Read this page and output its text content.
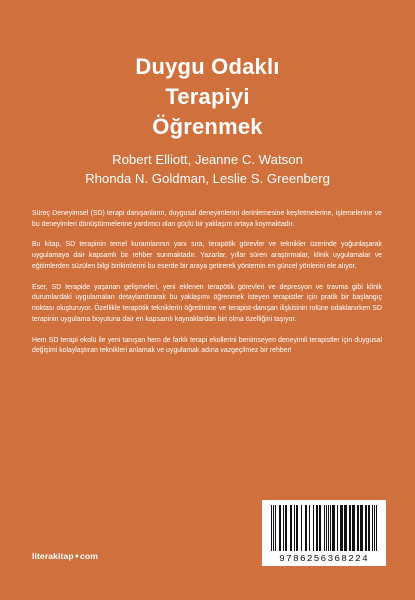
Duygu Odaklı
Terapiyi
Öğrenmek
Robert Elliott, Jeanne C. Watson
Rhonda N. Goldman, Leslie S. Greenberg

Süreç Deneyimsel (SD) terapi danışanların, duygusal deneyimlerini derinlemesine keşfetmelerine, işlemelerine ve bu deneyimleri dönüştürmelerine yardımcı olan güçlü bir yaklaşım ortaya koymaktadır.

Bu kitap, SD terapinin temel kuramlarının yanı sıra, terapötik görevler ve teknikler üzerinde yoğunlaşarak uygulamaya dair kapsamlı bir rehber sunmaktadır. Yazarlar, yıllar süren araştırmalar, klinik uygulamalar ve eğitimlerden süzülen bilgi birikimlerini bu eserde bir araya getirerek yöntemin en güncel yönlerini ele alıyor.

Eser, SD terapide yaşanan gelişmeleri, yeni eklenen terapötik görevleri ve depresyon ve travma gibi klinik durumlardaki uygulamaları detaylandırarak bu yaklaşımı öğrenmek isteyen terapistler için pratik bir başlangıç noktası oluşturuyor. Özellikle terapötik tekniklerin öğretimine ve terapist-danışan ilişkisinin rolüne odaklanırken SD terapinin uygulama boyutuna dair en kapsamlı kaynaklardan biri olma özelliğini taşıyor.

Hem SD terapi ekolü ile yeni tanışan hem de farklı terapi ekollerini benimseyen deneyimli terapistler için duygusal değişimi kolaylaştıran teknikleri anlamak ve uygulamak adına vazgeçilmez bir rehber!

literakitap●com	9786256368224
